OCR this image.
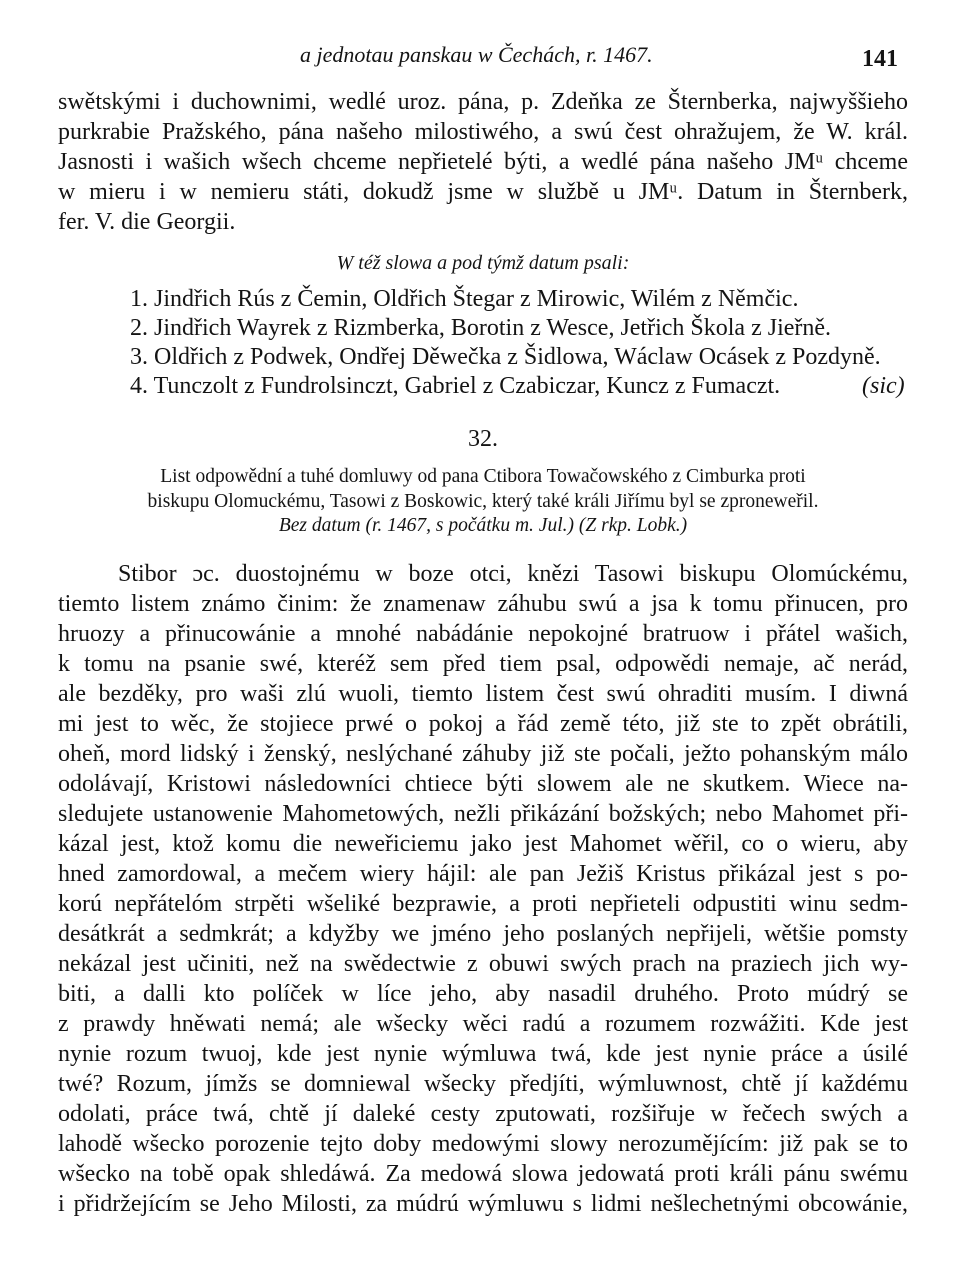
a jednotau panskau w Čechách, r. 1467.	141
swětskými i duchownimi, wedlé uroz. pána, p. Zdeňka ze Šternberka, najwyššieho
purkrabie Pražského, pána našeho milostiwého, a swú čest ohražujem, že W. král.
Jasnosti i wašich wšech chceme nepřietelé býti, a wedlé pána našeho JMᵘ chceme
w mieru i w nemieru státi, dokudž jsme w službě u JMᵘ. Datum in Šternberk,
fer. V. die Georgii.
W též slowa a pod týmž datum psali:
1. Jindřich Rús z Čemin, Oldřich Štegar z Mirowic, Wilém z Němčic.
2. Jindřich Wayrek z Rizmberka, Borotin z Wesce, Jetřich Škola z Jieřně.
3. Oldřich z Podwek, Ondřej Děwečka z Šidlowa, Wáclaw Ocásek z Pozdyně.
4. Tunczolt z Fundrolsinczt, Gabriel z Czabiczar, Kuncz z Fumaczt.	(sic)
32.
List odpowědní a tuhé domluwy od pana Ctibora Towačowského z Cimburka proti
biskupu Olomuckému, Tasowi z Boskowic, který také králi Jiřímu byl se zproneweřil.
Bez datum (r. 1467, s počátku m. Jul.) (Z rkp. Lobk.)
Stibor ɔc. duostojnému w boze otci, knězi Tasowi biskupu Olomúckému,
tiemto listem známo činim: že znamenaw záhubu swú a jsa k tomu přinucen, pro
hruozy a přinucowánie a mnohé nabádánie nepokojné bratruow i přátel wašich,
k tomu na psanie swé, kteréž sem před tiem psal, odpowědi nemaje, ač nerád,
ale bezděky, pro waši zlú wuoli, tiemto listem čest swú ohraditi musím. I diwná
mi jest to wěc, že stojiece prwé o pokoj a řád země této, již ste to zpět obrátili,
oheň, mord lidský i ženský, neslýchané záhuby již ste počali, ježto pohanským málo
odolávají, Kristowi následowníci chtiece býti slowem ale ne skutkem. Wiece na-
sledujete ustanowenie Mahometowých, nežli přikázání božských; nebo Mahomet při-
kázal jest, ktož komu die neweřiciemu jako jest Mahomet wěřil, co o wieru, aby
hned zamordowal, a mečem wiery hájil: ale pan Ježiš Kristus přikázal jest s po-
korú nepřátelóm strpěti wšeliké bezprawie, a proti nepřieteli odpustiti winu sedm-
desátkrát a sedmkrát; a kdyžby we jméno jeho poslaných nepřijeli, wětšie pomsty
nekázal jest učiniti, než na swědectwie z obuwi swých prach na praziech jich wy-
biti, a dalli kto políček w líce jeho, aby nasadil druhého. Proto múdrý se
z prawdy hněwati nemá; ale wšecky wěci radú a rozumem rozwážiti. Kde jest
nynie rozum twuoj, kde jest nynie wýmluwa twá, kde jest nynie práce a úsilé
twé? Rozum, jímžs se domniewal wšecky předjíti, wýmluwnost, chtě jí každému
odolati, práce twá, chtě jí daleké cesty zputowati, rozšiřuje w řečech swých a
lahodě wšecko porozenie tejto doby medowými slowy nerozumějícím: již pak se to
wšecko na tobě opak shledáwá. Za medowá slowa jedowatá proti králi pánu swému
i přidržejícím se Jeho Milosti, za múdrú wýmluwu s lidmi nešlechetnými obcowánie,
